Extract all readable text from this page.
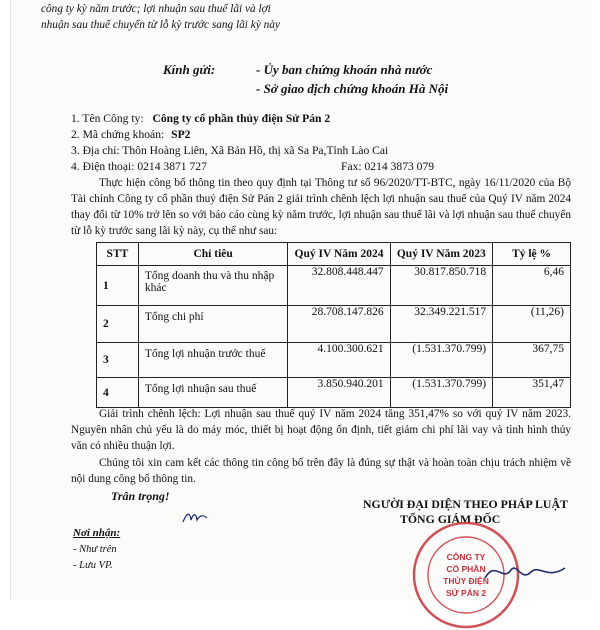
công ty kỳ năm trước; lợi nhuận sau thuế lãi và lợi nhuận sau thuế chuyển từ lỗ kỳ trước sang lãi kỳ này
Kính gửi:	- Ủy ban chứng khoán nhà nước
- Sở giao dịch chứng khoán Hà Nội
1. Tên Công ty: Công ty cổ phần thủy điện Sử Pán 2
2. Mã chứng khoán: SP2
3. Địa chỉ: Thôn Hoàng Liên, Xã Bản Hồ, thị xã Sa Pa,Tỉnh Lào Cai
4. Điện thoại: 0214 3871 727	Fax: 0214 3873 079
Thực hiện công bố thông tin theo quy định tại Thông tư số 96/2020/TT-BTC, ngày 16/11/2020 của Bộ Tài chính Công ty cổ phần thuỷ điện Sử Pán 2 giải trình chênh lệch lợi nhuận sau thuế của Quý IV năm 2024 thay đổi từ 10% trở lên so với báo cáo cùng kỳ năm trước, lợi nhuận sau thuế lãi và lợi nhuận sau thuế chuyển từ lỗ kỳ trước sang lãi kỳ này, cụ thể như sau:
STT	Chỉ tiêu	Quý IV Năm 2024	Quý IV Năm 2023	Tỷ lệ %
1	Tổng doanh thu và thu nhập khác	32.808.448.447	30.817.850.718	6,46
2	Tổng chi phí	28.708.147.826	32.349.221.517	(11,26)
3	Tổng lợi nhuận trước thuế	4.100.300.621	(1.531.370.799)	367,75
4	Tổng lợi nhuận sau thuế	3.850.940.201	(1.531.370.799)	351,47
Giải trình chênh lệch: Lợi nhuận sau thuế quý IV năm 2024 tăng 351,47% so với quý IV năm 2023. Nguyên nhân chủ yếu là do máy móc, thiết bị hoạt động ổn định, tiết giảm chi phí lãi vay và tình hình thủy văn có nhiều thuận lợi.
Chúng tôi xin cam kết các thông tin công bố trên đây là đúng sự thật và hoàn toàn chịu trách nhiệm về nội dung công bố thông tin.
Trân trọng!
Nơi nhận:
- Như trên
- Lưu VP.
NGƯỜI ĐẠI DIỆN THEO PHÁP LUẬT
TỔNG GIÁM ĐỐC
CÔNG TY
CỔ PHẦN
THỦY ĐIỆN
SỬ PÁN 2
